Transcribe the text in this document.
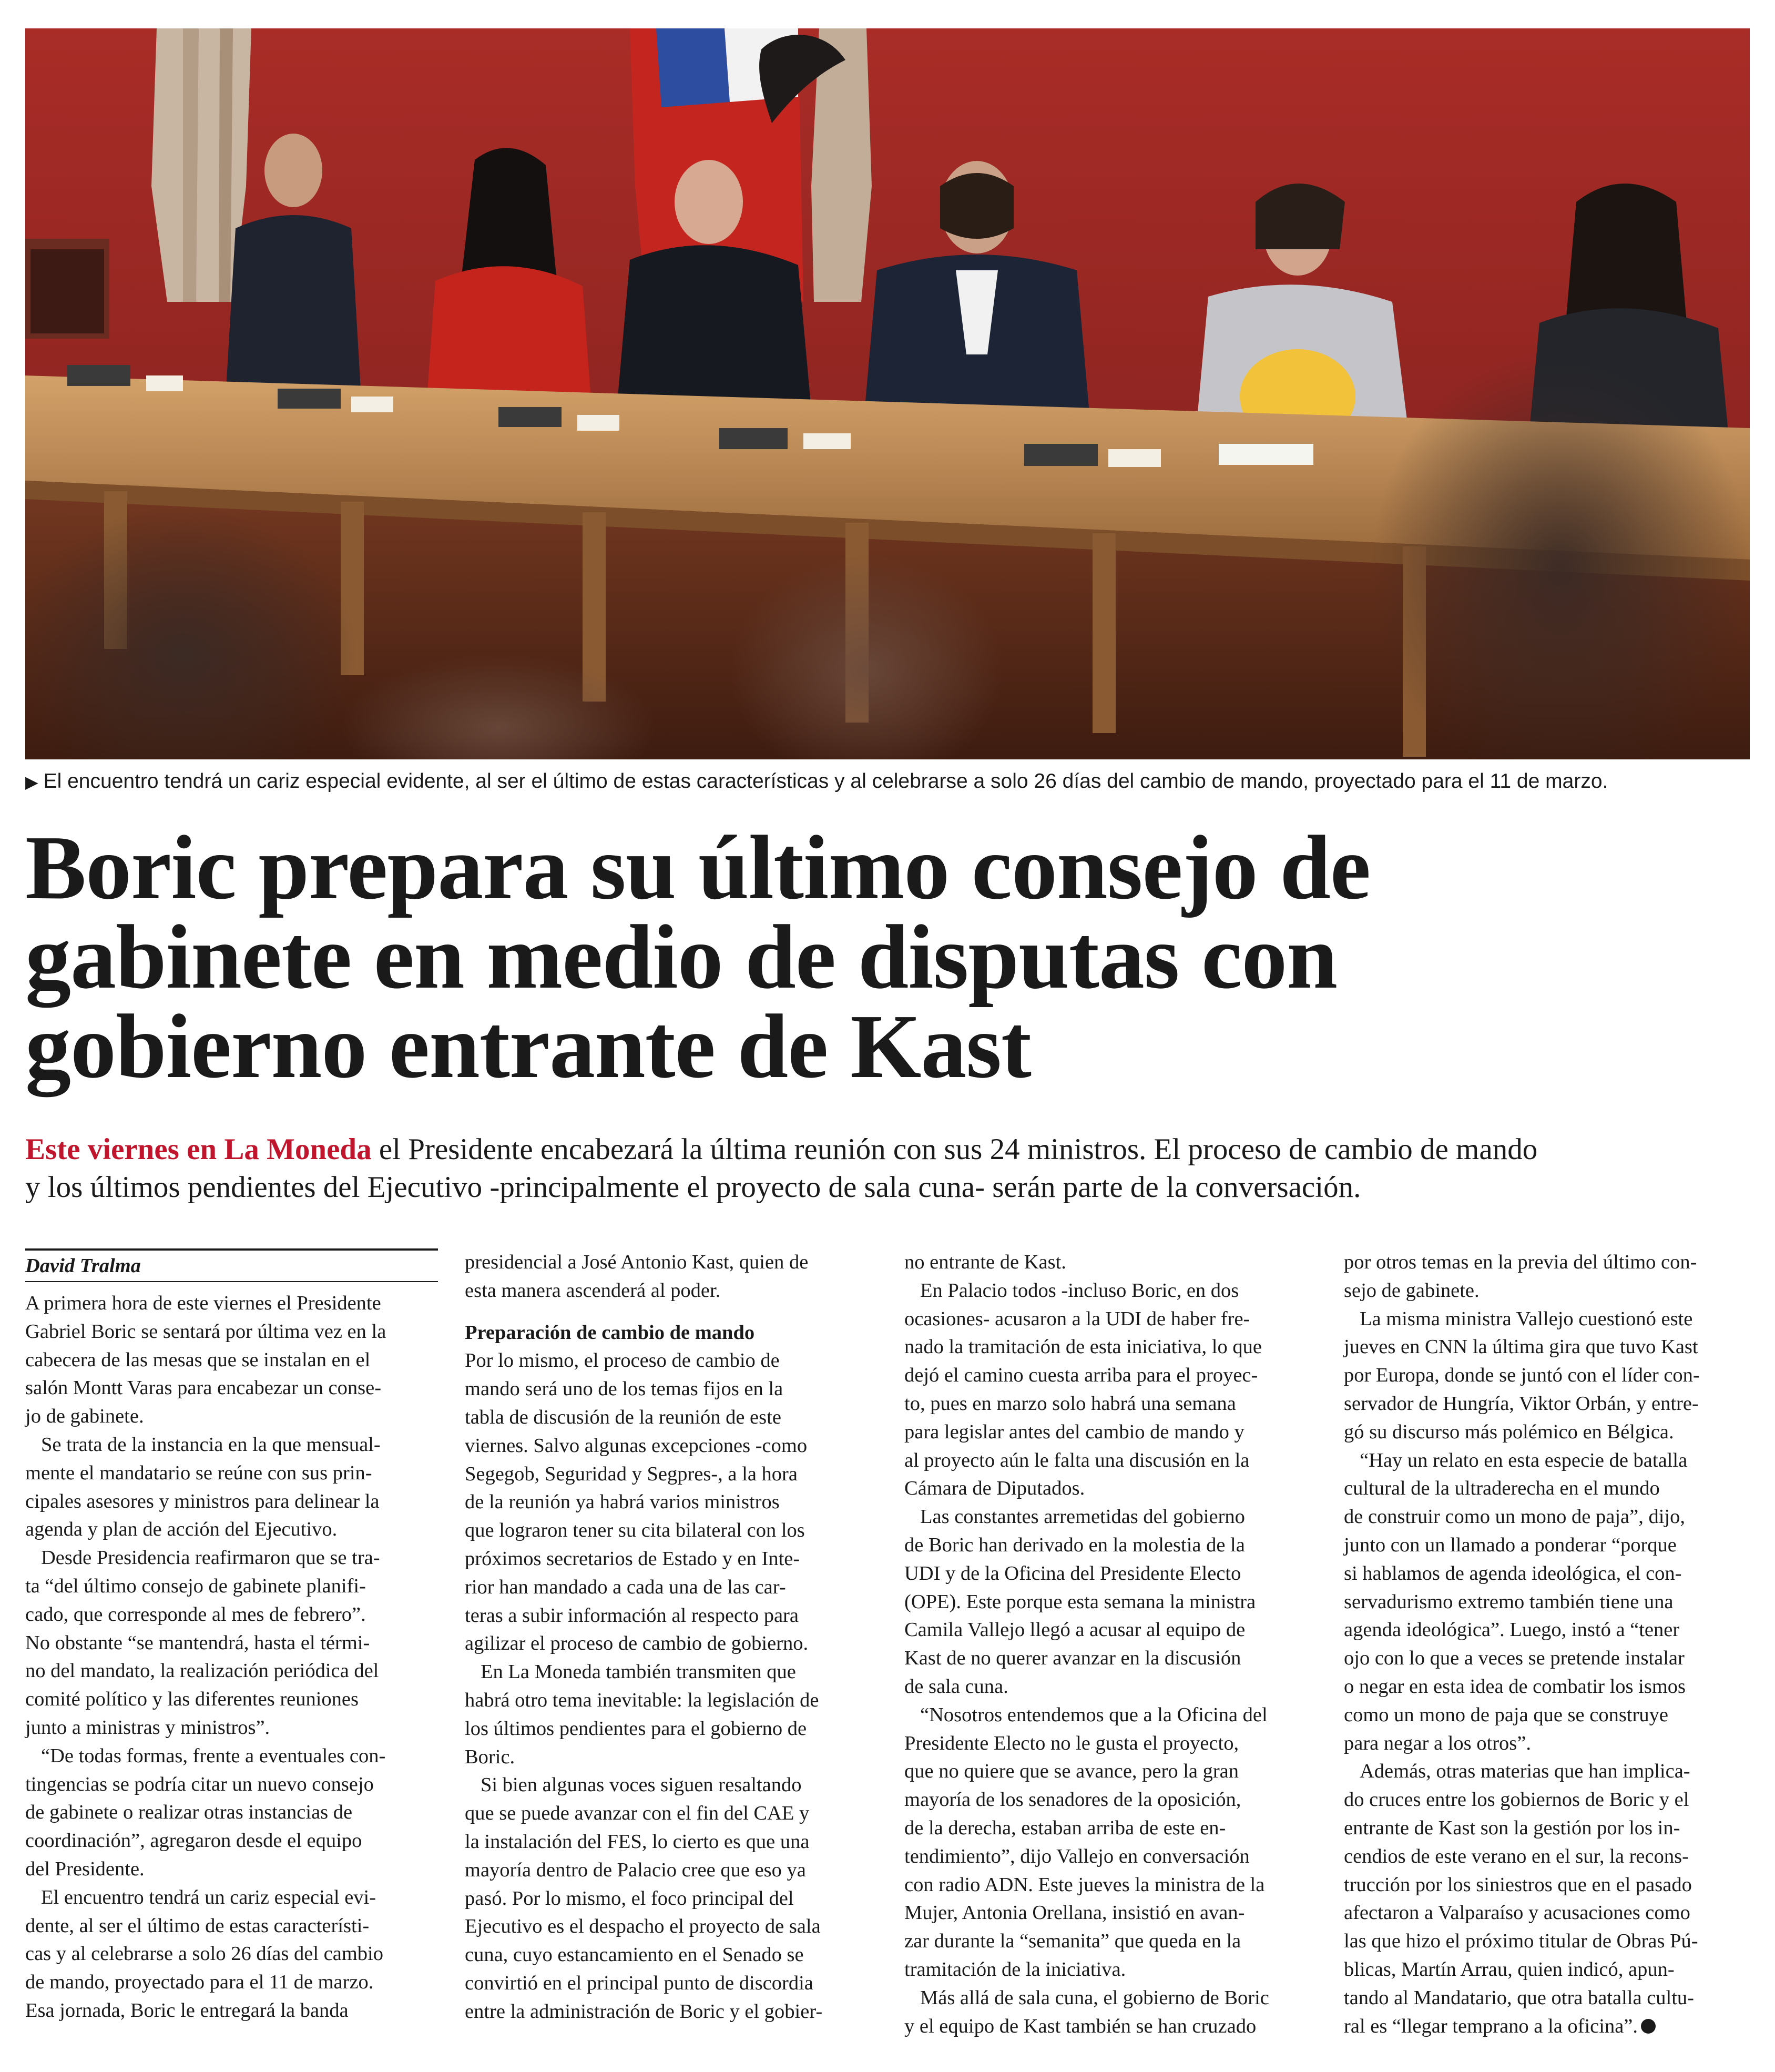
▶ El encuentro tendrá un cariz especial evidente, al ser el último de estas características y al celebrarse a solo 26 días del cambio de mando, proyectado para el 11 de marzo.
Boric prepara su último consejo de
gabinete en medio de disputas con
gobierno entrante de Kast
Este viernes en La Moneda el Presidente encabezará la última reunión con sus 24 ministros. El proceso de cambio de mando
y los últimos pendientes del Ejecutivo -principalmente el proyecto de sala cuna- serán parte de la conversación.
David Tralma
A primera hora de este viernes el Presidente
Gabriel Boric se sentará por última vez en la
cabecera de las mesas que se instalan en el
salón Montt Varas para encabezar un conse-
jo de gabinete.
Se trata de la instancia en la que mensual-
mente el mandatario se reúne con sus prin-
cipales asesores y ministros para delinear la
agenda y plan de acción del Ejecutivo.
Desde Presidencia reafirmaron que se tra-
ta “del último consejo de gabinete planifi-
cado, que corresponde al mes de febrero”.
No obstante “se mantendrá, hasta el térmi-
no del mandato, la realización periódica del
comité político y las diferentes reuniones
junto a ministras y ministros”.
“De todas formas, frente a eventuales con-
tingencias se podría citar un nuevo consejo
de gabinete o realizar otras instancias de
coordinación”, agregaron desde el equipo
del Presidente.
El encuentro tendrá un cariz especial evi-
dente, al ser el último de estas característi-
cas y al celebrarse a solo 26 días del cambio
de mando, proyectado para el 11 de marzo.
Esa jornada, Boric le entregará la banda
presidencial a José Antonio Kast, quien de
esta manera ascenderá al poder.
Preparación de cambio de mando
Por lo mismo, el proceso de cambio de
mando será uno de los temas fijos en la
tabla de discusión de la reunión de este
viernes. Salvo algunas excepciones -como
Segegob, Seguridad y Segpres-, a la hora
de la reunión ya habrá varios ministros
que lograron tener su cita bilateral con los
próximos secretarios de Estado y en Inte-
rior han mandado a cada una de las car-
teras a subir información al respecto para
agilizar el proceso de cambio de gobierno.
En La Moneda también transmiten que
habrá otro tema inevitable: la legislación de
los últimos pendientes para el gobierno de
Boric.
Si bien algunas voces siguen resaltando
que se puede avanzar con el fin del CAE y
la instalación del FES, lo cierto es que una
mayoría dentro de Palacio cree que eso ya
pasó. Por lo mismo, el foco principal del
Ejecutivo es el despacho el proyecto de sala
cuna, cuyo estancamiento en el Senado se
convirtió en el principal punto de discordia
entre la administración de Boric y el gobier-
no entrante de Kast.
En Palacio todos -incluso Boric, en dos
ocasiones- acusaron a la UDI de haber fre-
nado la tramitación de esta iniciativa, lo que
dejó el camino cuesta arriba para el proyec-
to, pues en marzo solo habrá una semana
para legislar antes del cambio de mando y
al proyecto aún le falta una discusión en la
Cámara de Diputados.
Las constantes arremetidas del gobierno
de Boric han derivado en la molestia de la
UDI y de la Oficina del Presidente Electo
(OPE). Este porque esta semana la ministra
Camila Vallejo llegó a acusar al equipo de
Kast de no querer avanzar en la discusión
de sala cuna.
“Nosotros entendemos que a la Oficina del
Presidente Electo no le gusta el proyecto,
que no quiere que se avance, pero la gran
mayoría de los senadores de la oposición,
de la derecha, estaban arriba de este en-
tendimiento”, dijo Vallejo en conversación
con radio ADN. Este jueves la ministra de la
Mujer, Antonia Orellana, insistió en avan-
zar durante la “semanita” que queda en la
tramitación de la iniciativa.
Más allá de sala cuna, el gobierno de Boric
y el equipo de Kast también se han cruzado
por otros temas en la previa del último con-
sejo de gabinete.
La misma ministra Vallejo cuestionó este
jueves en CNN la última gira que tuvo Kast
por Europa, donde se juntó con el líder con-
servador de Hungría, Viktor Orbán, y entre-
gó su discurso más polémico en Bélgica.
“Hay un relato en esta especie de batalla
cultural de la ultraderecha en el mundo
de construir como un mono de paja”, dijo,
junto con un llamado a ponderar “porque
si hablamos de agenda ideológica, el con-
servadurismo extremo también tiene una
agenda ideológica”. Luego, instó a “tener
ojo con lo que a veces se pretende instalar
o negar en esta idea de combatir los ismos
como un mono de paja que se construye
para negar a los otros”.
Además, otras materias que han implica-
do cruces entre los gobiernos de Boric y el
entrante de Kast son la gestión por los in-
cendios de este verano en el sur, la recons-
trucción por los siniestros que en el pasado
afectaron a Valparaíso y acusaciones como
las que hizo el próximo titular de Obras Pú-
blicas, Martín Arrau, quien indicó, apun-
tando al Mandatario, que otra batalla cultu-
ral es “llegar temprano a la oficina”.
